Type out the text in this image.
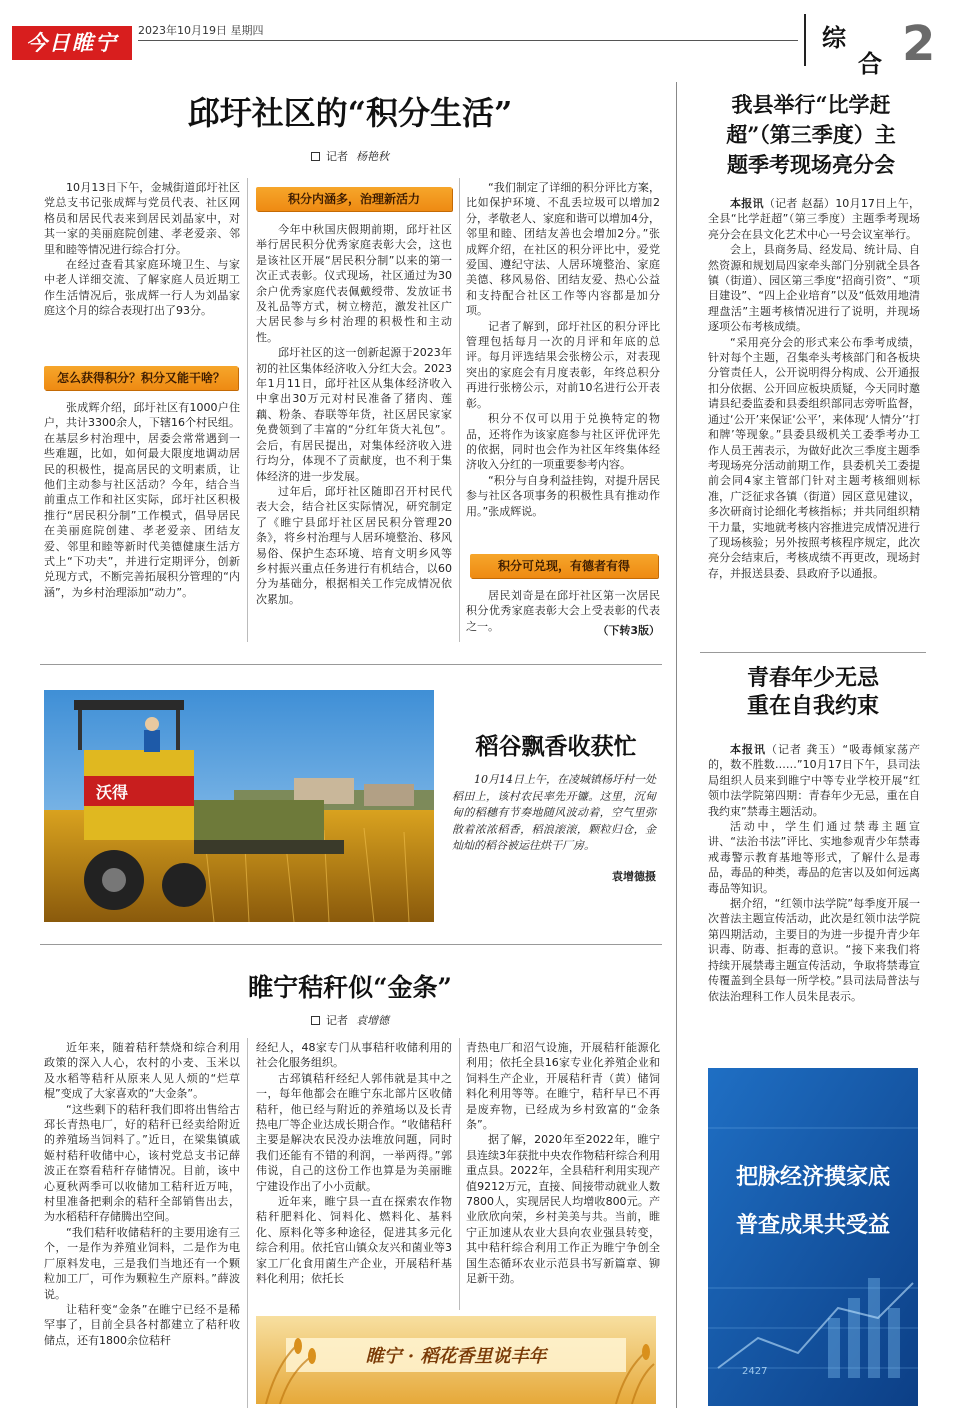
今日睢宁	2023年10月19日 星期四	综
合 2
邱圩社区的“积分生活”
记者 杨艳秋

10月13日下午，金城街道邱圩社区党总支书记张成辉与党员代表、社区网格员和居民代表来到居民刘晶家中，对其一家的美丽庭院创建、孝老爱亲、邻里和睦等情况进行综合打分。

在经过查看其家庭环境卫生、与家中老人详细交流、了解家庭人员近期工作生活情况后，张成辉一行人为刘晶家庭这个月的综合表现打出了93分。

怎么获得积分？积分又能干啥？

张成辉介绍，邱圩社区有1000户住户，共计3300余人，下辖16个村民组。在基层乡村治理中，居委会常常遇到一些难题，比如，如何最大限度地调动居民的积极性，提高居民的文明素质，让他们主动参与社区活动？今年，结合当前重点工作和社区实际，邱圩社区积极推行“居民积分制”工作模式，倡导居民在美丽庭院创建、孝老爱亲、团结友爱、邻里和睦等新时代美德健康生活方式上“下功夫”，并进行定期评分，创新兑现方式，不断完善拓展积分管理的“内涵”，为乡村治理添加“动力”。

积分内涵多，治理新活力

今年中秋国庆假期前期，邱圩社区举行居民积分优秀家庭表彰大会，这也是该社区开展“居民积分制”以来的第一次正式表彰。仪式现场，社区通过为30余户优秀家庭代表佩戴绶带、发放证书及礼品等方式，树立榜范，激发社区广大居民参与乡村治理的积极性和主动性。

邱圩社区的这一创新起源于2023年初的社区集体经济收入分红大会。2023年1月11日，邱圩社区从集体经济收入中拿出30万元对村民准备了猪肉、莲藕、粉条、春联等年货，社区居民家家免费领到了丰富的“分红年货大礼包”。会后，有居民提出，对集体经济收入进行均分，体现不了贡献度，也不利于集体经济的进一步发展。

过年后，邱圩社区随即召开村民代表大会，结合社区实际情况，研究制定了《睢宁县邱圩社区居民积分管理20条》，将乡村治理与人居环境整治、移风易俗、保护生态环境、培育文明乡风等乡村振兴重点任务进行有机结合，以60分为基础分，根据相关工作完成情况依次累加。

“我们制定了详细的积分评比方案，比如保护环境、不乱丢垃圾可以增加2分，孝敬老人、家庭和谐可以增加4分，邻里和睦、团结友善也会增加2分。”张成辉介绍，在社区的积分评比中，爱党爱国、遵纪守法、人居环境整治、家庭美德、移风易俗、团结友爱、热心公益和支持配合社区工作等内容都是加分项。

记者了解到，邱圩社区的积分评比管理包括每月一次的月评和年底的总评。每月评选结果会张榜公示，对表现突出的家庭会有月度表彰，年终总积分再进行张榜公示，对前10名进行公开表彰。

积分不仅可以用于兑换特定的物品，还将作为该家庭参与社区评优评先的依据，同时也会作为社区年终集体经济收入分红的一项重要参考内容。

“积分与自身利益挂钩，对提升居民参与社区各项事务的积极性具有推动作用。”张成辉说。

积分可兑现，有德者有得

居民刘奇是在邱圩社区第一次居民积分优秀家庭表彰大会上受表彰的代表之一。	（下转3版）
沃得
稻谷飘香收获忙

10月14日上午，在凌城镇杨圩村一处稻田上，该村农民率先开镰。这里，沉甸甸的稻穗有节奏地随风波动着，空气里弥散着浓浓稻香，稻浪滚滚，颗粒归仓，金灿灿的稻谷被运往烘干厂房。

袁增德摄
睢宁秸秆似“金条”
记者 袁增德

近年来，随着秸秆禁烧和综合利用政策的深入人心，农村的小麦、玉米以及水稻等秸秆从原来人见人烦的“烂草棍”变成了大家喜欢的“大金条”。

“这些剩下的秸秆我们即将出售给古邳长青热电厂，好的秸秆已经卖给附近的养殖场当饲料了。”近日，在梁集镇戚姬村秸秆收储中心，该村党总支书记薛波正在察看秸秆存储情况。目前，该中心夏秋两季可以收储加工秸秆近万吨，村里准备把剩余的秸秆全部销售出去，为水稻秸秆存储腾出空间。

“我们秸秆收储秸秆的主要用途有三个，一是作为养殖业饲料，二是作为电厂原料发电，三是我们当地还有一个颗粒加工厂，可作为颗粒生产原料。”薛波说。

让秸秆变“金条”在睢宁已经不是稀罕事了，目前全县各村都建立了秸秆收储点，还有1800余位秸秆

经纪人，48家专门从事秸秆收储利用的社会化服务组织。

古邳镇秸秆经纪人郭伟就是其中之一，每年他都会在睢宁东北部片区收储秸秆，他已经与附近的养殖场以及长青热电厂等企业达成长期合作。“收储秸秆主要是解决农民没办法堆放问题，同时我们还能有不错的利润，一举两得。”郭伟说，自己的这份工作也算是为美丽睢宁建设作出了小小贡献。

近年来，睢宁县一直在探索农作物秸秆肥料化、饲料化、燃料化、基料化、原料化等多种途径，促进其多元化综合利用。依托官山镇众友兴和菌业等3家工厂化食用菌生产企业，开展秸秆基料化利用；依托长

青热电厂和沼气设施，开展秸秆能源化利用；依托全县16家专业化养殖企业和饲料生产企业，开展秸秆青（黄）储饲料化利用等等。在睢宁，秸秆早已不再是废弃物，已经成为乡村致富的“金条条”。

据了解，2020年至2022年，睢宁县连续3年获批中央农作物秸秆综合利用重点县。2022年，全县秸秆利用实现产值9212万元，直接、间接带动就业人数7800人，实现居民人均增收800元。产业欣欣向荣，乡村美美与共。当前，睢宁正加速从农业大县向农业强县转变，其中秸秆综合利用工作正为睢宁争创全国生态循环农业示范县书写新篇章、铆足新干劲。

睢宁 · 稻花香里说丰年
我县举行“比学赶
超”（第三季度）主
题季考现场亮分会

本报讯（记者 赵磊）10月17日上午，全县“比学赶超”（第三季度）主题季考现场亮分会在县文化艺术中心一号会议室举行。

会上，县商务局、经发局、统计局、自然资源和规划局四家牵头部门分别就全县各镇（街道）、园区第三季度“招商引资”、“项目建设”、“四上企业培育”以及“低效用地清理盘活”主题考核情况进行了说明，并现场逐项公布考核成绩。

“采用亮分会的形式来公布季考成绩，针对每个主题，召集牵头考核部门和各板块分管责任人，公开说明得分构成、公开通报扣分依据、公开回应板块质疑，今天同时邀请县纪委监委和县委组织部同志旁听监督，通过‘公开’来保证‘公平’，来体现‘人情分’‘打和牌’等现象。”县委县级机关工委季考办工作人员王茜表示，为做好此次三季度主题季考现场亮分活动前期工作，县委机关工委提前会同4家主管部门针对主题考核细则标准，广泛征求各镇（街道）园区意见建议，多次研商讨论细化考核指标；并共同组织精干力量，实地就考核内容推进完成情况进行了现场核验；另外按照考核程序规定，此次亮分会结束后，考核成绩不再更改，现场封存，并报送县委、县政府予以通报。

青春年少无忌
重在自我约束

本报讯（记者 龚玉）“吸毒倾家荡产的，数不胜数……”10月17日下午，县司法局组织人员来到睢宁中等专业学校开展“红领巾法学院第四期：青春年少无忌，重在自我约束”禁毒主题活动。

活动中，学生们通过禁毒主题宣讲、“法治书法”评比、实地参观青少年禁毒戒毒警示教育基地等形式，了解什么是毒品，毒品的种类，毒品的危害以及如何远离毒品等知识。

据介绍，“红领巾法学院”每季度开展一次普法主题宣传活动，此次是红领巾法学院第四期活动，主要目的为进一步提升青少年识毒、防毒、拒毒的意识。“接下来我们将持续开展禁毒主题宣传活动，争取将禁毒宣传覆盖到全县每一所学校。”县司法局普法与依法治理科工作人员朱昆表示。

把脉经济摸家底
普查成果共受益
2427
